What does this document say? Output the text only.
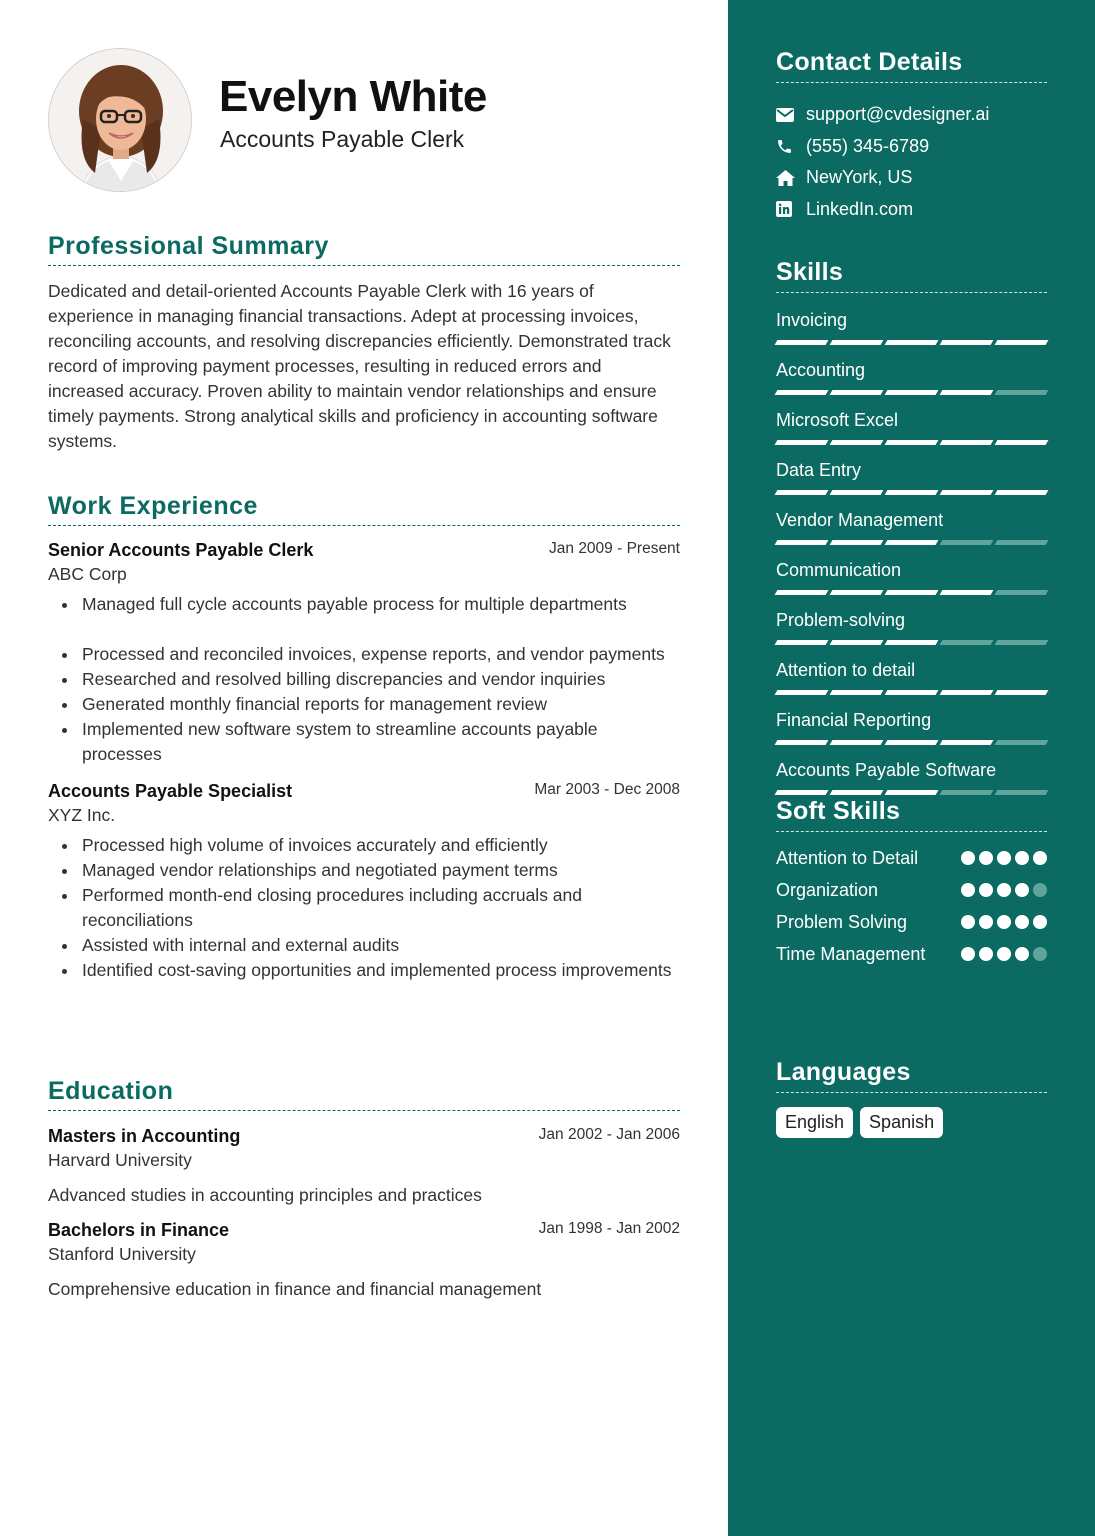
Evelyn White
Accounts Payable Clerk
Professional Summary

Dedicated and detail-oriented Accounts Payable Clerk with 16 years of experience in managing financial transactions. Adept at processing invoices, reconciling accounts, and resolving discrepancies efficiently. Demonstrated track record of improving payment processes, resulting in reduced errors and increased accuracy. Proven ability to maintain vendor relationships and ensure timely payments. Strong analytical skills and proficiency in accounting software systems.

Work Experience
Senior Accounts Payable Clerk	Jan 2009 - Present
ABC Corp
Managed full cycle accounts payable process for multiple departments
Processed and reconciled invoices, expense reports, and vendor payments
Researched and resolved billing discrepancies and vendor inquiries
Generated monthly financial reports for management review
Implemented new software system to streamline accounts payable processes
Accounts Payable Specialist	Mar 2003 - Dec 2008
XYZ Inc.
Processed high volume of invoices accurately and efficiently
Managed vendor relationships and negotiated payment terms
Performed month-end closing procedures including accruals and reconciliations
Assisted with internal and external audits
Identified cost-saving opportunities and implemented process improvements
Education
Masters in Accounting	Jan 2002 - Jan 2006
Harvard University
Advanced studies in accounting principles and practices
Bachelors in Finance	Jan 1998 - Jan 2002
Stanford University
Comprehensive education in finance and financial management
Contact Details
support@cvdesigner.ai
(555) 345-6789
NewYork, US
LinkedIn.com
Skills
Invoicing
Accounting
Microsoft Excel
Data Entry
Vendor Management
Communication
Problem-solving
Attention to detail
Financial Reporting
Accounts Payable Software
Soft Skills
Attention to Detail
Organization
Problem Solving
Time Management
Languages
English	Spanish
